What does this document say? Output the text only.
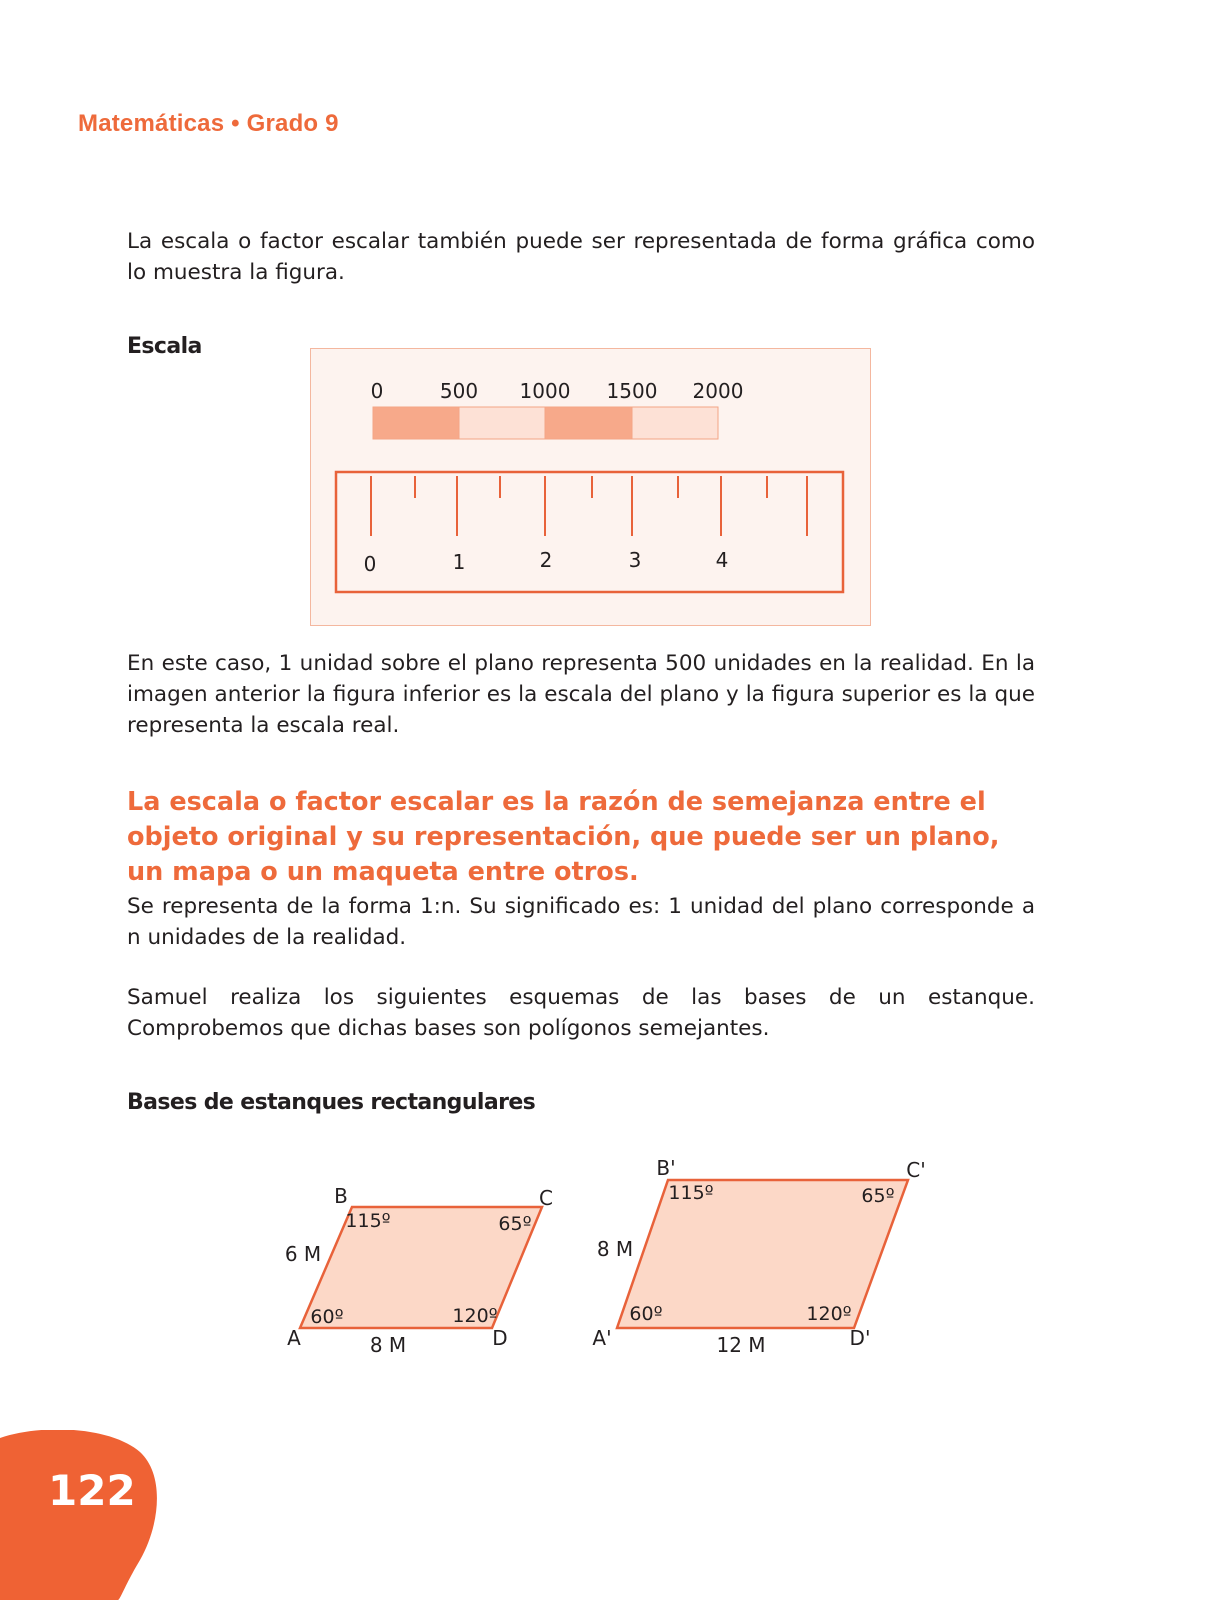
Matemáticas • Grado 9

La escala o factor escalar también puede ser representada de forma gráfica como lo muestra la figura.

Escala
0	500 1000 1500 2000
0	1	2	3	4

En este caso, 1 unidad sobre el plano representa 500 unidades en la realidad. En la imagen anterior la figura inferior es la escala del plano y la figura superior es la que representa la escala real.

La escala o factor escalar es la razón de semejanza entre el objeto original y su representación, que puede ser un plano, un mapa o un maqueta entre otros.

Se representa de la forma 1:n. Su significado es: 1 unidad del plano corresponde a n unidades de la realidad.

Samuel realiza los siguientes esquemas de las bases de un estanque. Comprobemos que dichas bases son polígonos semejantes.

Bases de estanques rectangulares
B	C
A	D
115º	65º
60º	120º
6 M
8 M
B'	C'
A'	D'
115º	65º
60º	120º
8 M
12 M
122
